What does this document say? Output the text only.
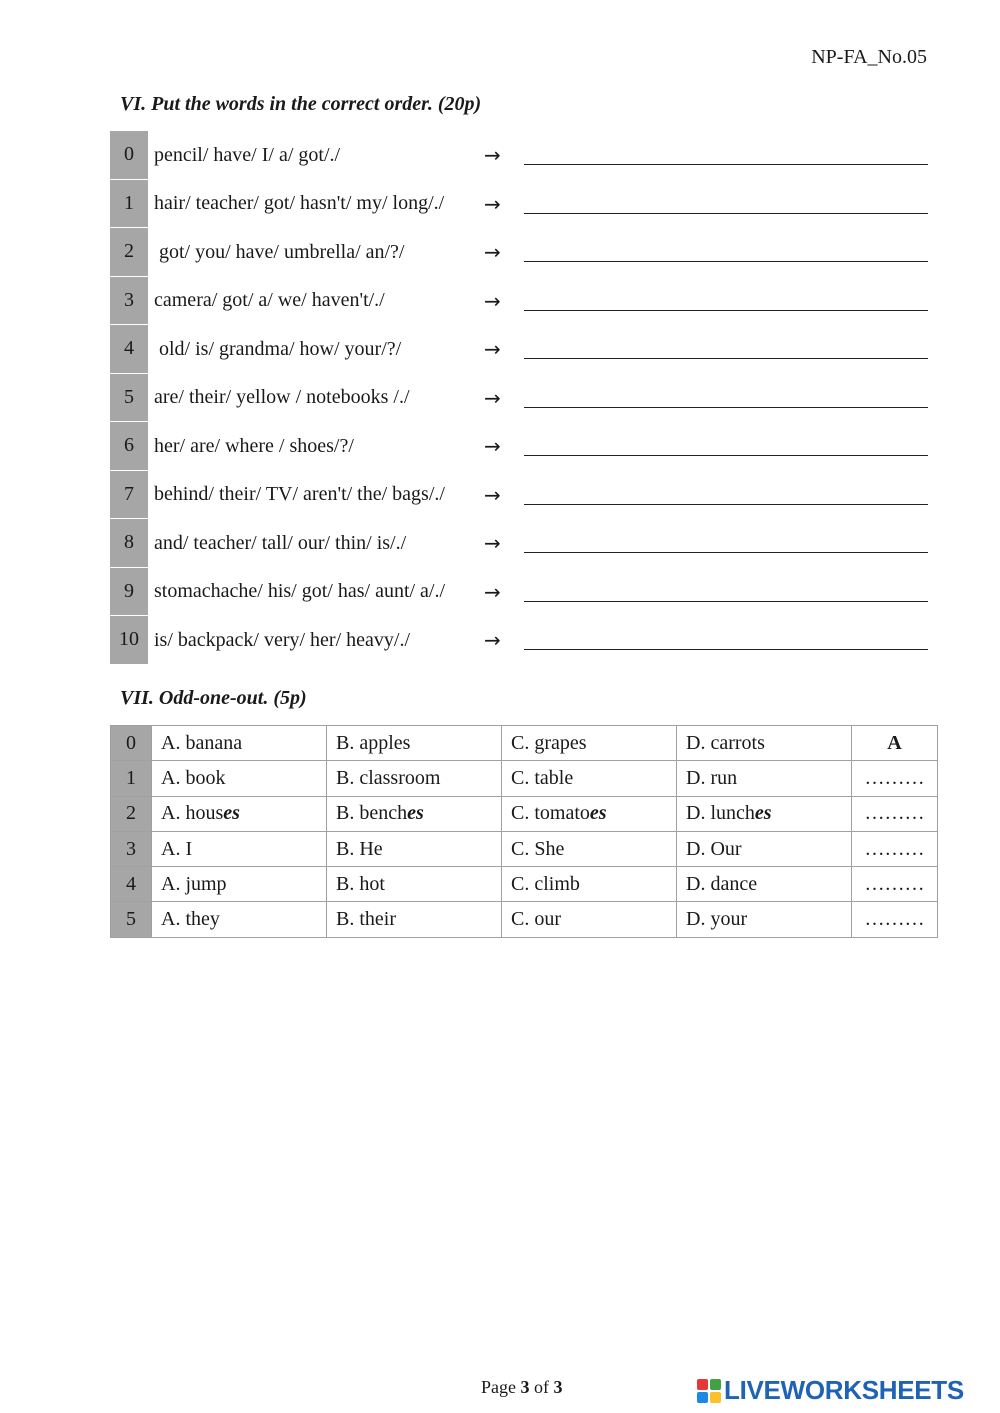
NP-FA_No.05
VI. Put the words in the correct order. (20p)
0	pencil/ have/ I/ a/ got/./	→
1	hair/ teacher/ got/ hasn't/ my/ long/./ →
2	got/ you/ have/ umbrella/ an/?/	→
3	camera/ got/ a/ we/ haven't/./	→
4	old/ is/ grandma/ how/ your/?/	→
5	are/ their/ yellow / notebooks /./	→
6	her/ are/ where / shoes/?/	→
7	behind/ their/ TV/ aren't/ the/ bags/./ →
8	and/ teacher/ tall/ our/ thin/ is/./	→
9	stomachache/ his/ got/ has/ aunt/ a/./ →
10 is/ backpack/ very/ her/ heavy/./	→
VII. Odd-one-out. (5p)
0	A. banana	B. apples	C. grapes	D. carrots	A
1	A. book	B. classroom	C. table	D. run	………
2	A. houses	B. benches	C. tomatoes	D. lunches	………
3	A. I	B. He	C. She	D. Our	………
4	A. jump	B. hot	C. climb	D. dance	………
5	A. they	B. their	C. our	D. your	………
Page 3 of 3	LIVEWORKSHEETS
